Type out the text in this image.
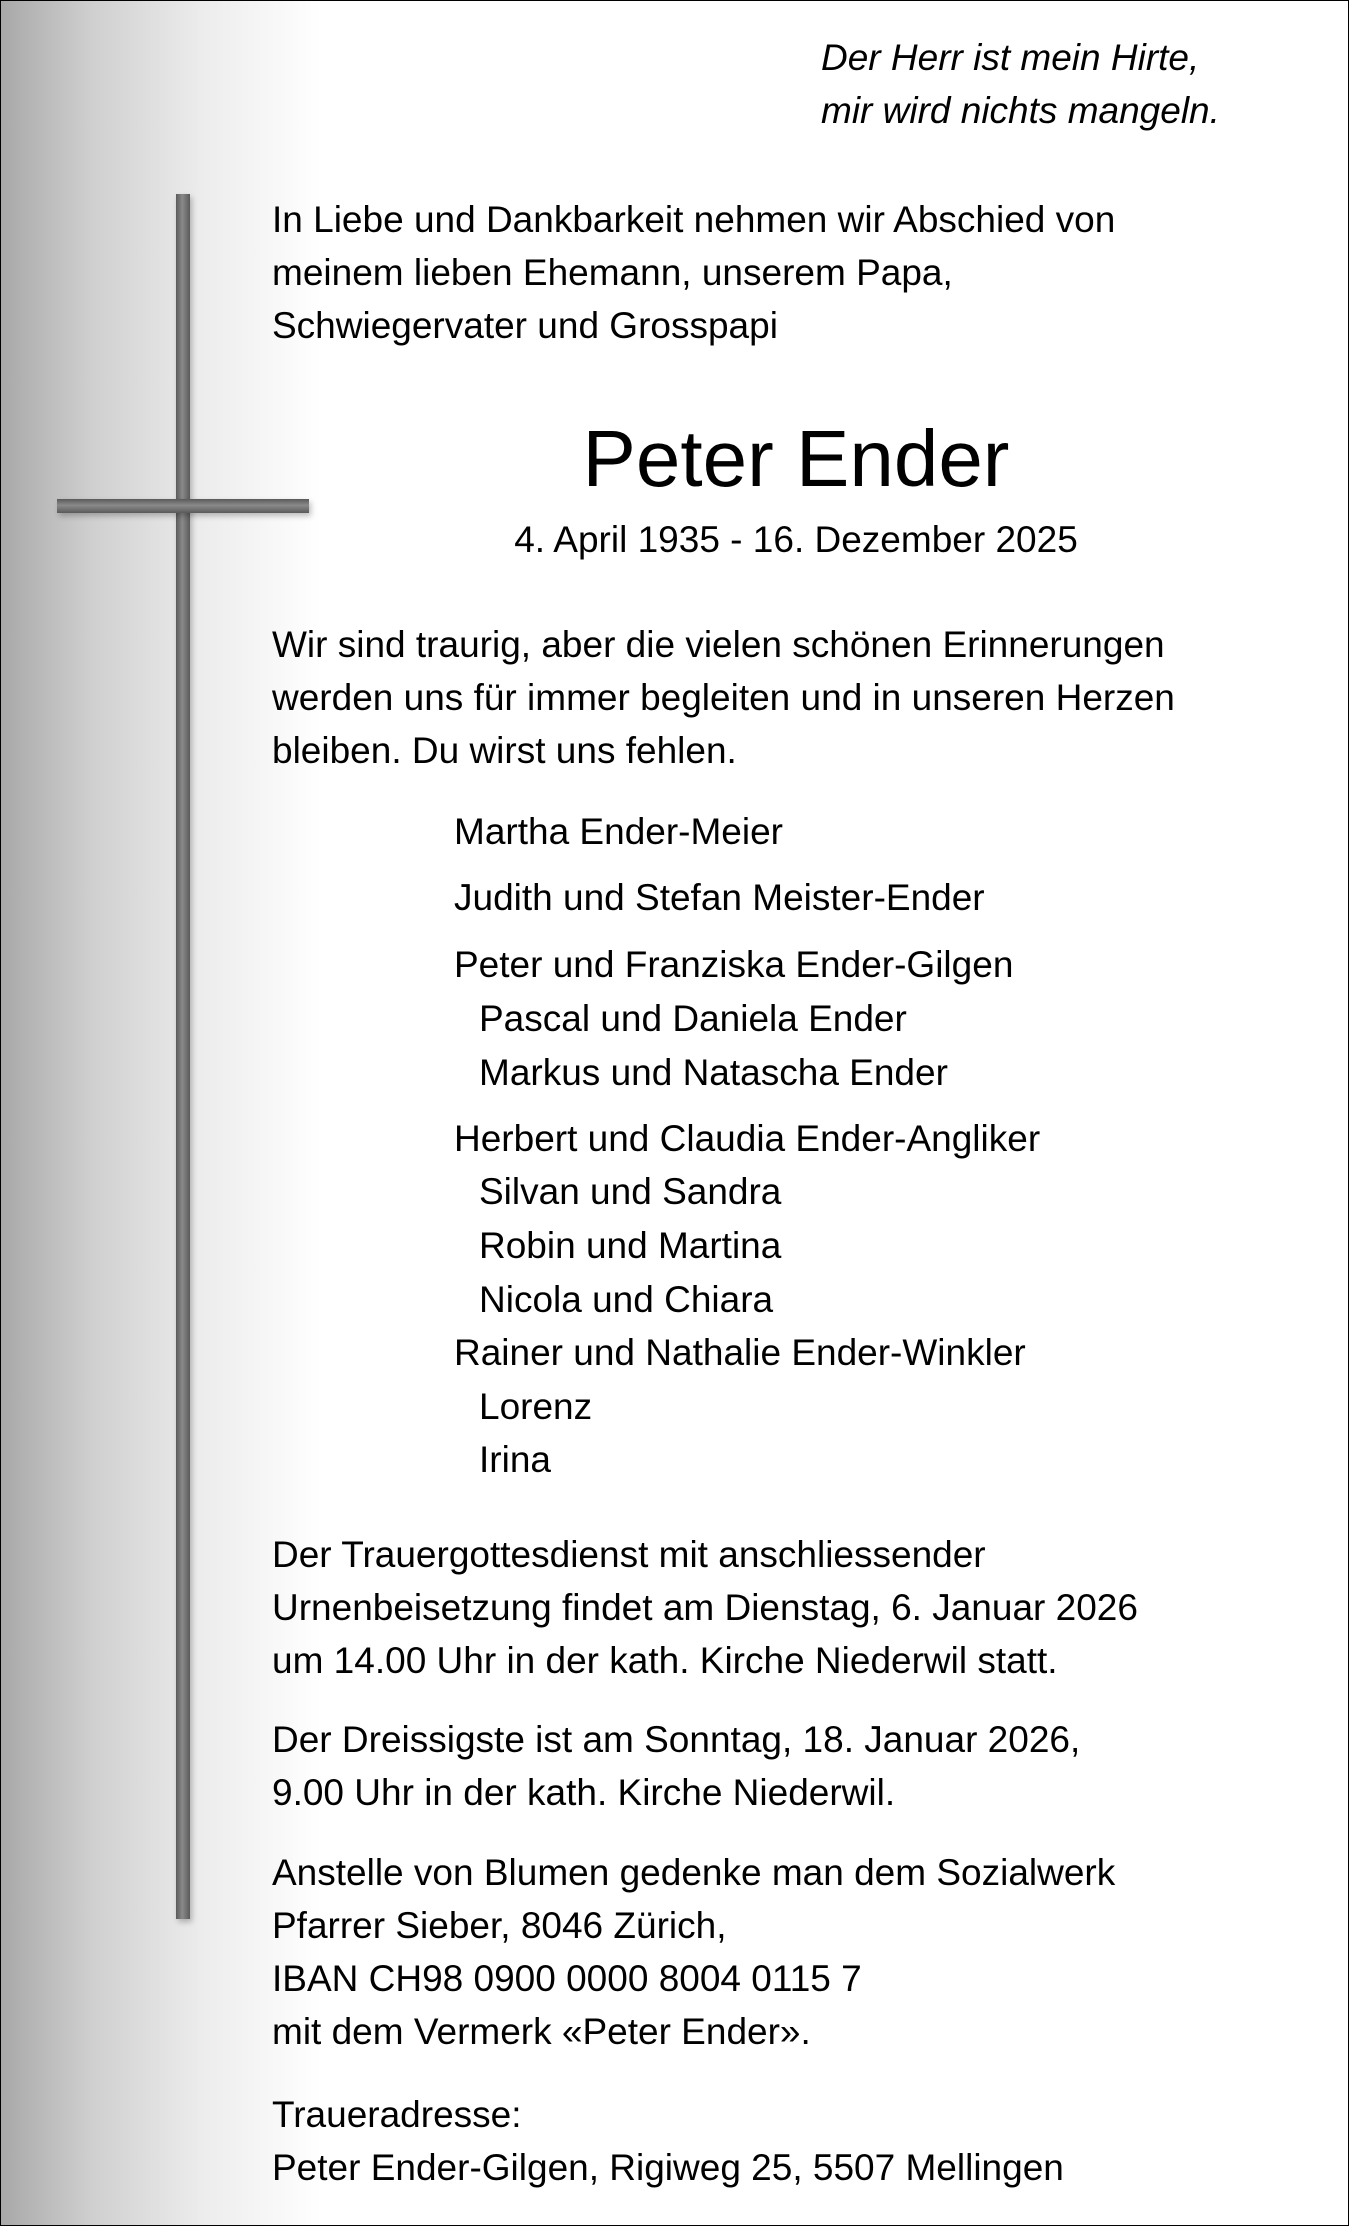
Der Herr ist mein Hirte,
mir wird nichts mangeln.
In Liebe und Dankbarkeit nehmen wir Abschied von
meinem lieben Ehemann, unserem Papa,
Schwiegervater und Grosspapi
Peter Ender
4. April 1935 - 16. Dezember 2025
Wir sind traurig, aber die vielen schönen Erinnerungen
werden uns für immer begleiten und in unseren Herzen
bleiben. Du wirst uns fehlen.
Martha Ender-Meier
Judith und Stefan Meister-Ender
Peter und Franziska Ender-Gilgen
Pascal und Daniela Ender
Markus und Natascha Ender
Herbert und Claudia Ender-Angliker
Silvan und Sandra
Robin und Martina
Nicola und Chiara
Rainer und Nathalie Ender-Winkler
Lorenz
Irina
Der Trauergottesdienst mit anschliessender
Urnenbeisetzung findet am Dienstag, 6. Januar 2026
um 14.00 Uhr in der kath. Kirche Niederwil statt.
Der Dreissigste ist am Sonntag, 18. Januar 2026,
9.00 Uhr in der kath. Kirche Niederwil.
Anstelle von Blumen gedenke man dem Sozialwerk
Pfarrer Sieber, 8046 Zürich,
IBAN CH98 0900 0000 8004 0115 7
mit dem Vermerk «Peter Ender».
Traueradresse:
Peter Ender-Gilgen, Rigiweg 25, 5507 Mellingen
